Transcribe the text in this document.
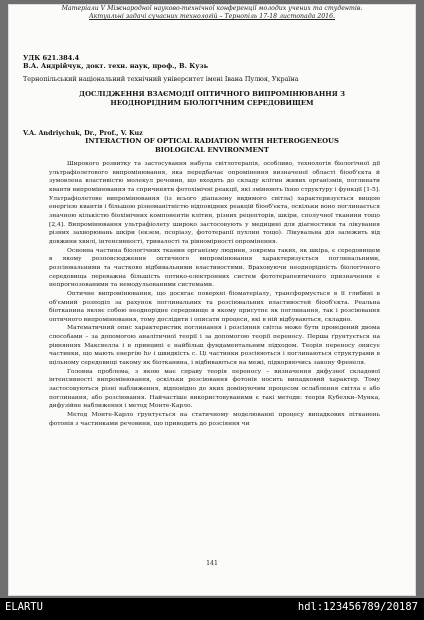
Матеріали V Міжнародної науково-технічної конференції молодих учених та студентів.
Актуальні задачі сучасних технологій – Тернопіль 17-18 листопада 2016.
УДК 621.384.4
В.А. Андрійчук, докт. техн. наук, проф., В. Кузь
Тернопільський національний технічний університет імені Івана Пулюя, Україна
ДОСЛІДЖЕННЯ ВЗАЄМОДІЇ ОПТИЧНОГО ВИПРОМІНЮВАННЯ З НЕОДНОРІДНИМ БІОЛОГІЧНИМ СЕРЕДОВИЩЕМ
V.A. Andriychuk, Dr., Prof., V. Kuz
INTERACTION OF OPTICAL RADIATION WITH HETEROGENEOUS BIOLOGICAL ENVIRONMENT

Широкого розвитку та застосування набула світлотерапія, особливо, технологія біологічної дії ультрафіолетового випромінювання, яка передбачає опромінення визначеної області біооб'єкта й зумовлена властивістю молекул речовин, що входять до складу клітин живих організмів, поглинати кванти випромінювання та спричиняти фотохімічні реакції, які змінюють їхню структуру і функції [1-5]. Ультрафіолетове випромінювання (із всього діапазону видимого світла) характеризується вищою енергією квантів і більшою різноманітністю відповідних реакцій біооб'єкта, оскільки воно поглинається значною кількістю біохімічних компонентів клітин, різних рецепторів, шкіри, сполучної тканини тощо [2,4]. Випромінювання ультрафіолету широко застосовують у медицині для діагностики та лікування різних захворювань шкіри (екзем, псоріазу, фототерапії пухлин тощо). Лікувальна дія залежить від довжини хвилі, інтенсивності, тривалості та рівномірності опромінення.

Основна частина біологічних тканин організму людини, зокрема таких, як шкіра, є середовищем в якому розповсюдження оптичного випромінювання характеризується поглинальними, розсіювальними та частково відбивальними властивостями. Враховуючи неоднорідність біологічного середовища переважна більшість оптико-електронних систем фототерапевтичного призначення є непрогнозованими та немодульованими системами.

Оптичне випромінювання, що досягає поверхні біоматеріалу, трансформується в її глибині в об'ємний розподіл за рахунок поглинальних та розсіювальних властивостей біооб'єкта. Реальна біотканина являє собою неоднорідне середовище в якому присутнє як поглинання, так і розсіювання оптичного випромінювання, тому дослідити і описати процеси, які в ній відбуваються, складно.

Математичний опис характеристик поглинання і розсіяння світла може бути проведений двома способами – за допомогою аналітичної теорії і за допомогою теорії переносу. Перша ґрунтується на рівняннях Максвелла і в принципі є найбільш фундаментальним підходом. Теорія переносу описує частинки, що мають енергію hν і швидкість c. Ці частинки розсіюються і поглинаються структурами в щільному середовищі такому як біотканина, і відбиваються на межі, підкоряючись закону Френеля.

Головна проблема, з якою має справу теорія переносу – визначення дифузної складової інтенсивності випромінювання, оскільки розсіювання фотонів носить випадковий характер. Тому застосовуються різні наближення, відповідно до яких домінуючим процесом ослаблення світла є або поглинання, або розсіювання. Найчастіше використовуваними є такі методи: теорія Кубелки–Мунка, дифузійне наближення і метод Монте-Карло.

Метод Монте-Карло ґрунтується на статичному моделюванні процесу випадкових пітканень фотонів з частинками речовини, що приводить до розсіяння чи

141
ELARTU	hdl:123456789/20187
